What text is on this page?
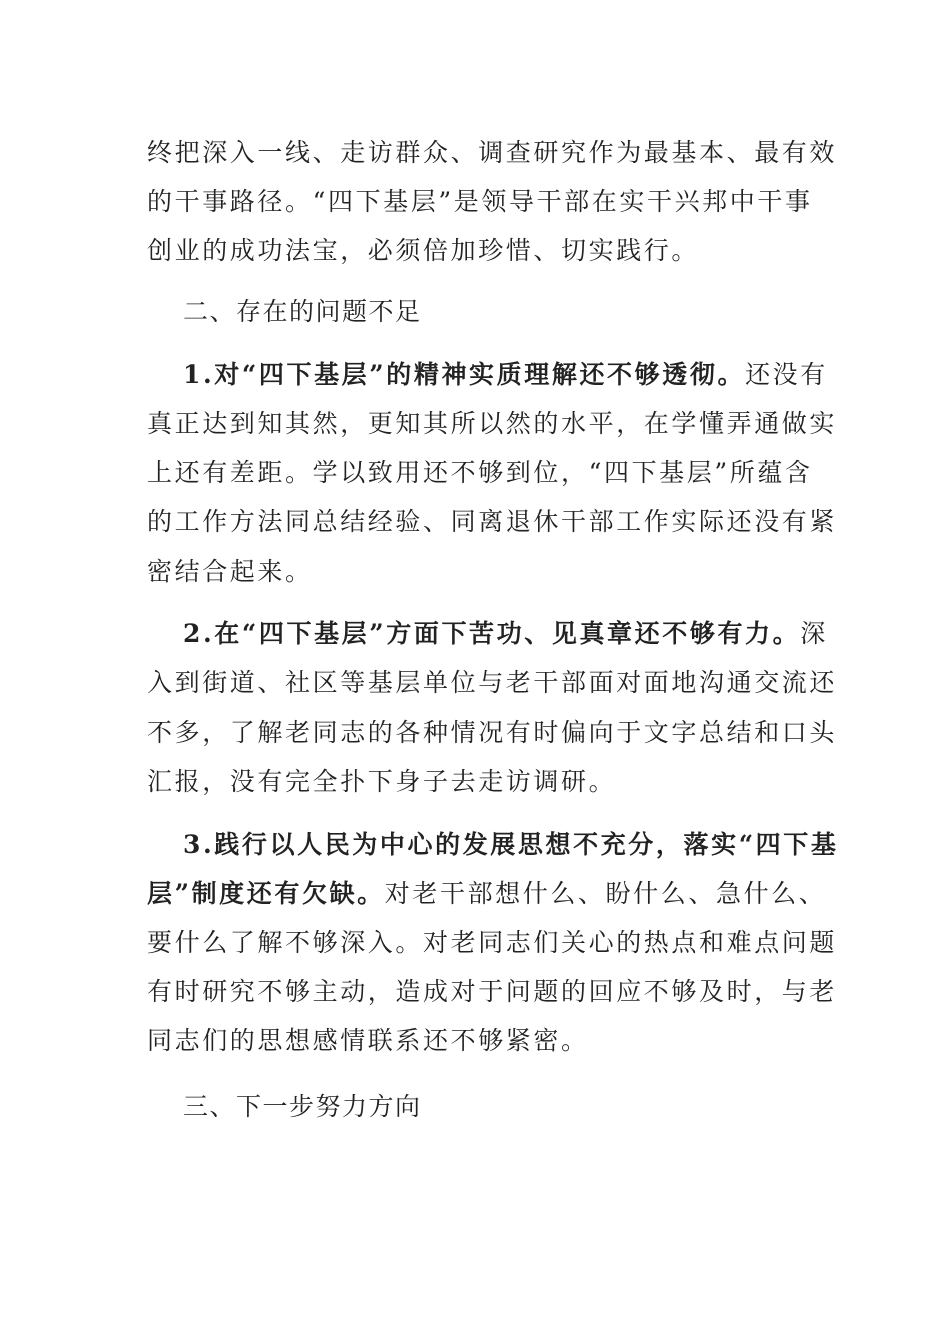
终把深入一线、走访群众、调查研究作为最基本、最有效
的干事路径。“四下基层”是领导干部在实干兴邦中干事
创业的成功法宝，必须倍加珍惜、切实践行。
二、存在的问题不足
1.对“四下基层”的精神实质理解还不够透彻。还没有
真正达到知其然，更知其所以然的水平，在学懂弄通做实
上还有差距。学以致用还不够到位，“四下基层”所蕴含
的工作方法同总结经验、同离退休干部工作实际还没有紧
密结合起来。
2.在“四下基层”方面下苦功、见真章还不够有力。深
入到街道、社区等基层单位与老干部面对面地沟通交流还
不多，了解老同志的各种情况有时偏向于文字总结和口头
汇报，没有完全扑下身子去走访调研。
3.践行以人民为中心的发展思想不充分，落实“四下基
层”制度还有欠缺。对老干部想什么、盼什么、急什么、
要什么了解不够深入。对老同志们关心的热点和难点问题
有时研究不够主动，造成对于问题的回应不够及时，与老
同志们的思想感情联系还不够紧密。
三、下一步努力方向
